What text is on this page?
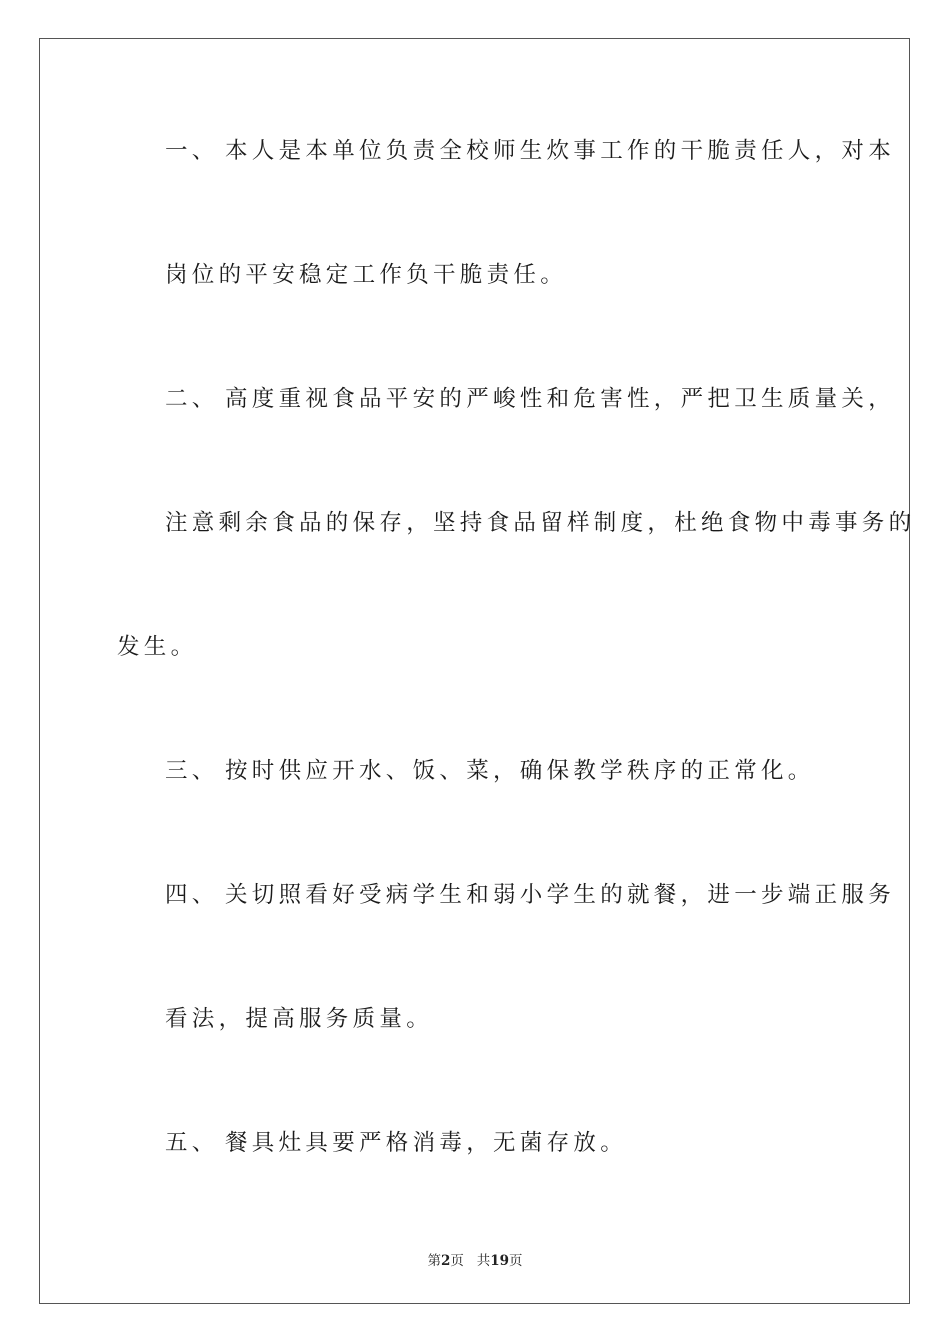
一、 本人是本单位负责全校师生炊事工作的干脆责任人，对本
岗位的平安稳定工作负干脆责任。
二、 高度重视食品平安的严峻性和危害性，严把卫生质量关，
注意剩余食品的保存，坚持食品留样制度，杜绝食物中毒事务的
发生。
三、 按时供应开水、饭、菜，确保教学秩序的正常化。
四、 关切照看好受病学生和弱小学生的就餐，进一步端正服务
看法，提高服务质量。
五、 餐具灶具要严格消毒，无菌存放。
第2页 共19页
